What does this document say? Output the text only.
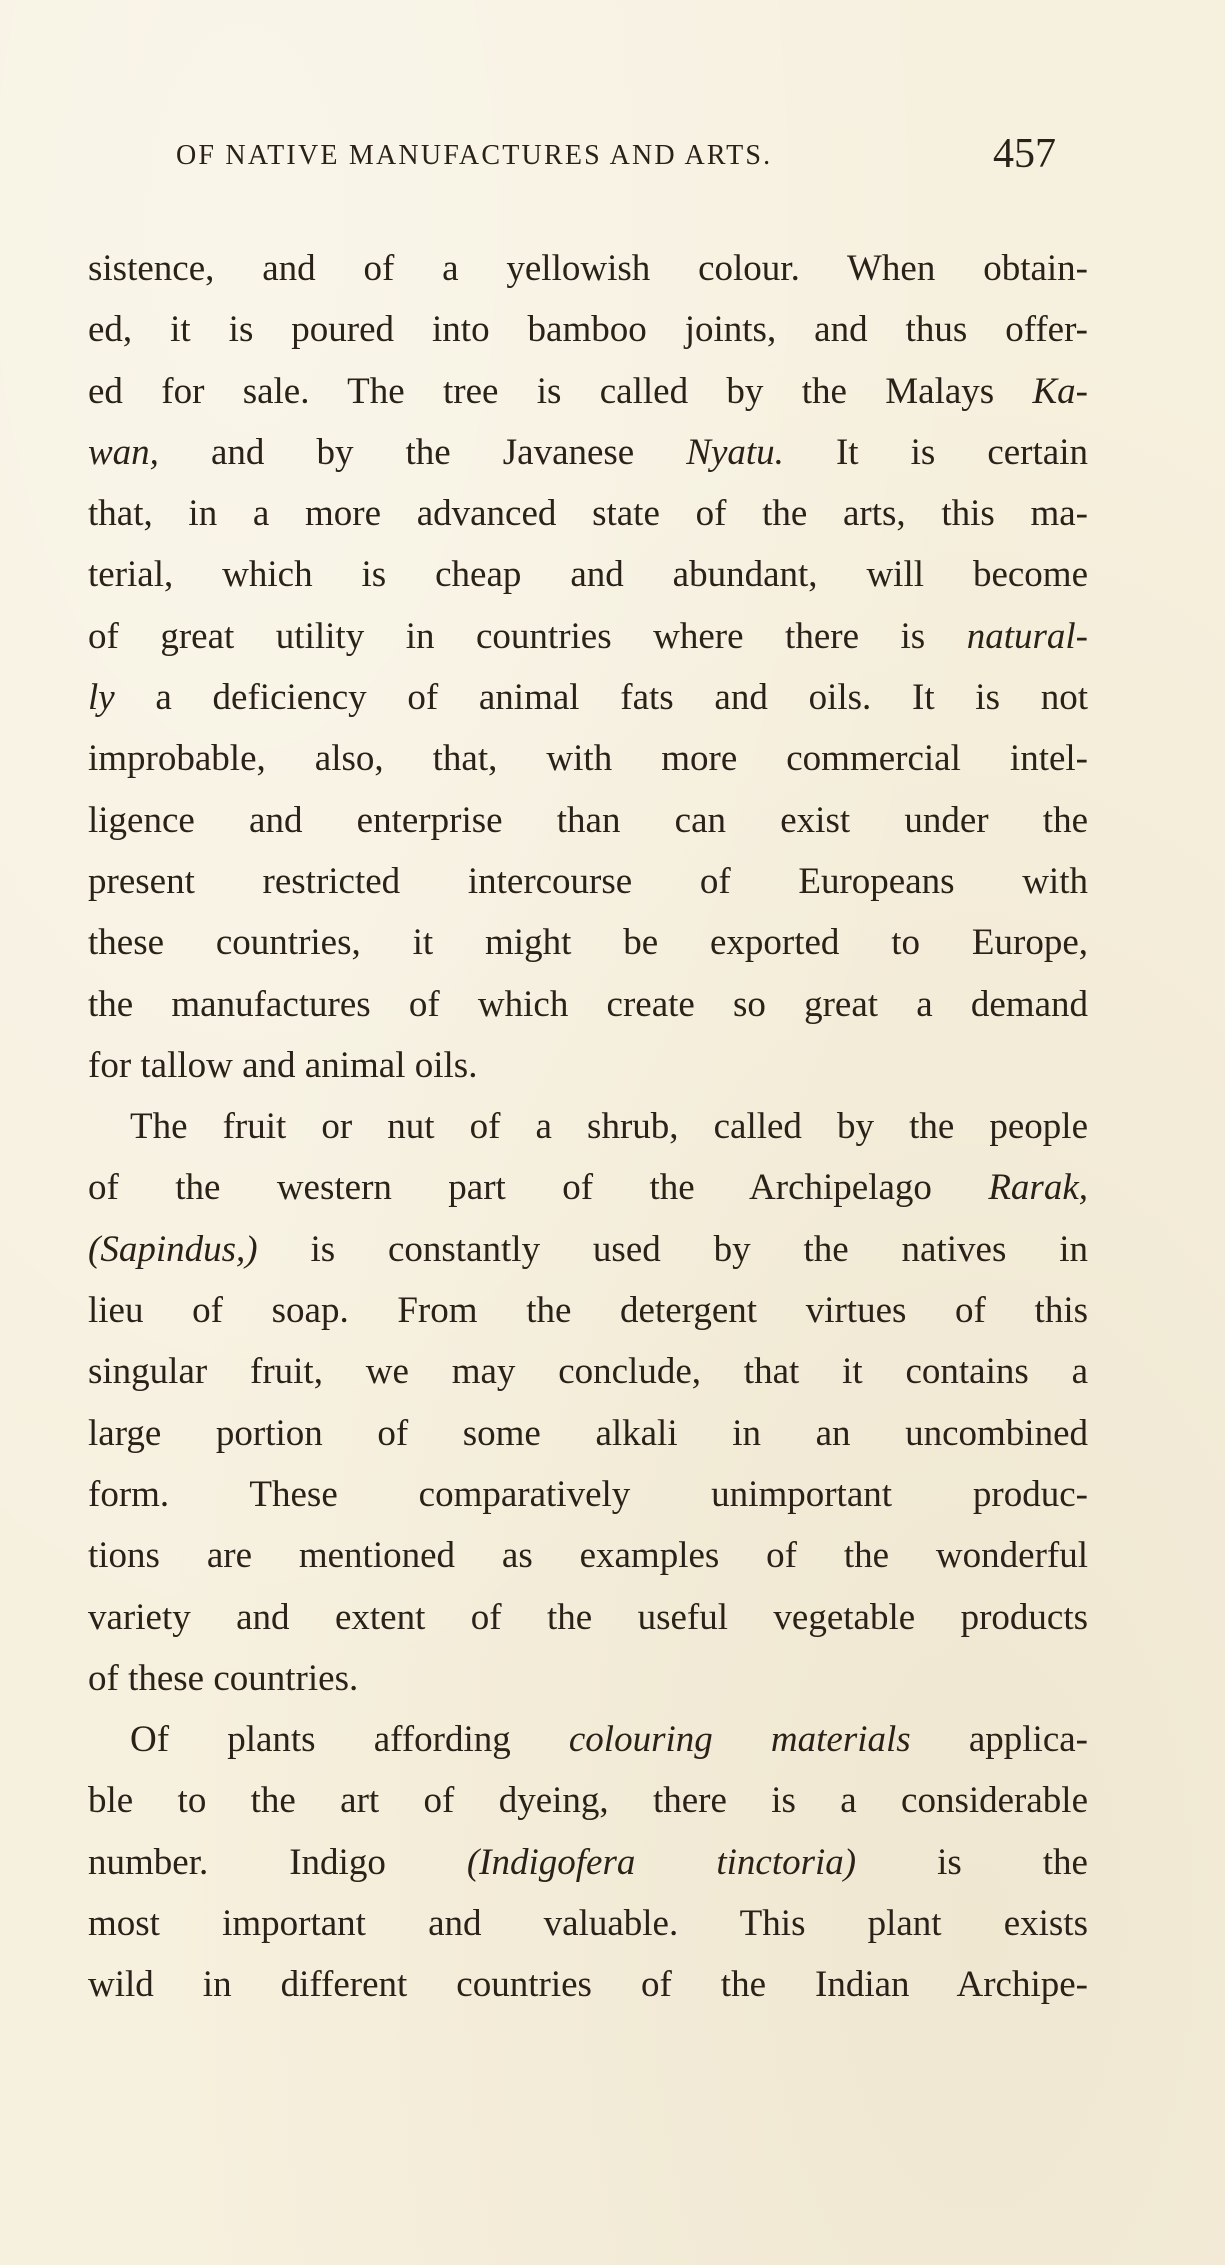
OF NATIVE MANUFACTURES AND ARTS.	457
sistence, and of a yellowish colour. When obtain-
ed, it is poured into bamboo joints, and thus offer-
ed for sale. The tree is called by the Malays Ka-
wan, and by the Javanese Nyatu. It is certain
that, in a more advanced state of the arts, this ma-
terial, which is cheap and abundant, will become
of great utility in countries where there is natural-
ly a deficiency of animal fats and oils. It is not
improbable, also, that, with more commercial intel-
ligence and enterprise than can exist under the
present restricted intercourse of Europeans with
these countries, it might be exported to Europe,
the manufactures of which create so great a demand
for tallow and animal oils.
The fruit or nut of a shrub, called by the people
of the western part of the Archipelago Rarak,
(Sapindus,) is constantly used by the natives in
lieu of soap. From the detergent virtues of this
singular fruit, we may conclude, that it contains a
large portion of some alkali in an uncombined
form. These comparatively unimportant produc-
tions are mentioned as examples of the wonderful
variety and extent of the useful vegetable products
of these countries.
Of plants affording colouring materials applica-
ble to the art of dyeing, there is a considerable
number. Indigo (Indigofera tinctoria) is the
most important and valuable. This plant exists
wild in different countries of the Indian Archipe-
